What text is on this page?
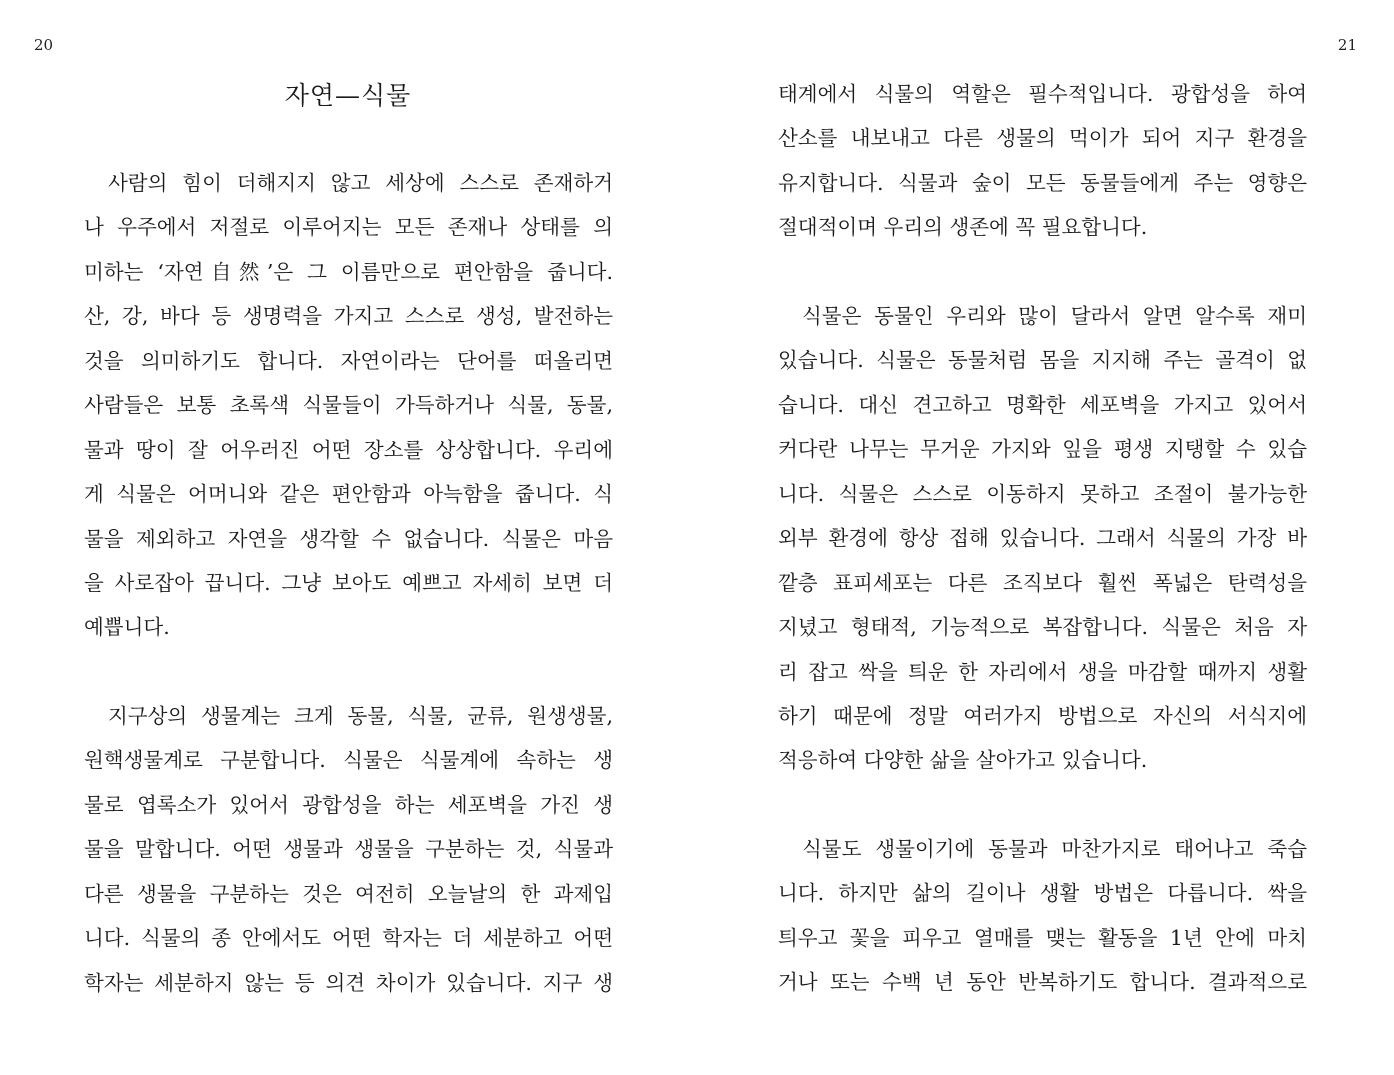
20
자연—식물
사람의 힘이 더해지지 않고 세상에 스스로 존재하거
나 우주에서 저절로 이루어지는 모든 존재나 상태를 의
미하는 ‘자연自然’은 그 이름만으로 편안함을 줍니다.
산, 강, 바다 등 생명력을 가지고 스스로 생성, 발전하는
것을 의미하기도 합니다. 자연이라는 단어를 떠올리면
사람들은 보통 초록색 식물들이 가득하거나 식물, 동물,
물과 땅이 잘 어우러진 어떤 장소를 상상합니다. 우리에
게 식물은 어머니와 같은 편안함과 아늑함을 줍니다. 식
물을 제외하고 자연을 생각할 수 없습니다. 식물은 마음
을 사로잡아 끕니다. 그냥 보아도 예쁘고 자세히 보면 더
예쁩니다.
지구상의 생물계는 크게 동물, 식물, 균류, 원생생물,
원핵생물계로 구분합니다. 식물은 식물계에 속하는 생
물로 엽록소가 있어서 광합성을 하는 세포벽을 가진 생
물을 말합니다. 어떤 생물과 생물을 구분하는 것, 식물과
다른 생물을 구분하는 것은 여전히 오늘날의 한 과제입
니다. 식물의 종 안에서도 어떤 학자는 더 세분하고 어떤
학자는 세분하지 않는 등 의견 차이가 있습니다. 지구 생
21
태계에서 식물의 역할은 필수적입니다. 광합성을 하여
산소를 내보내고 다른 생물의 먹이가 되어 지구 환경을
유지합니다. 식물과 숲이 모든 동물들에게 주는 영향은
절대적이며 우리의 생존에 꼭 필요합니다.
식물은 동물인 우리와 많이 달라서 알면 알수록 재미
있습니다. 식물은 동물처럼 몸을 지지해 주는 골격이 없
습니다. 대신 견고하고 명확한 세포벽을 가지고 있어서
커다란 나무는 무거운 가지와 잎을 평생 지탱할 수 있습
니다. 식물은 스스로 이동하지 못하고 조절이 불가능한
외부 환경에 항상 접해 있습니다. 그래서 식물의 가장 바
깥층 표피세포는 다른 조직보다 훨씬 폭넓은 탄력성을
지녔고 형태적, 기능적으로 복잡합니다. 식물은 처음 자
리 잡고 싹을 틔운 한 자리에서 생을 마감할 때까지 생활
하기 때문에 정말 여러가지 방법으로 자신의 서식지에
적응하여 다양한 삶을 살아가고 있습니다.
식물도 생물이기에 동물과 마찬가지로 태어나고 죽습
니다. 하지만 삶의 길이나 생활 방법은 다릅니다. 싹을
틔우고 꽃을 피우고 열매를 맺는 활동을 1년 안에 마치
거나 또는 수백 년 동안 반복하기도 합니다. 결과적으로
